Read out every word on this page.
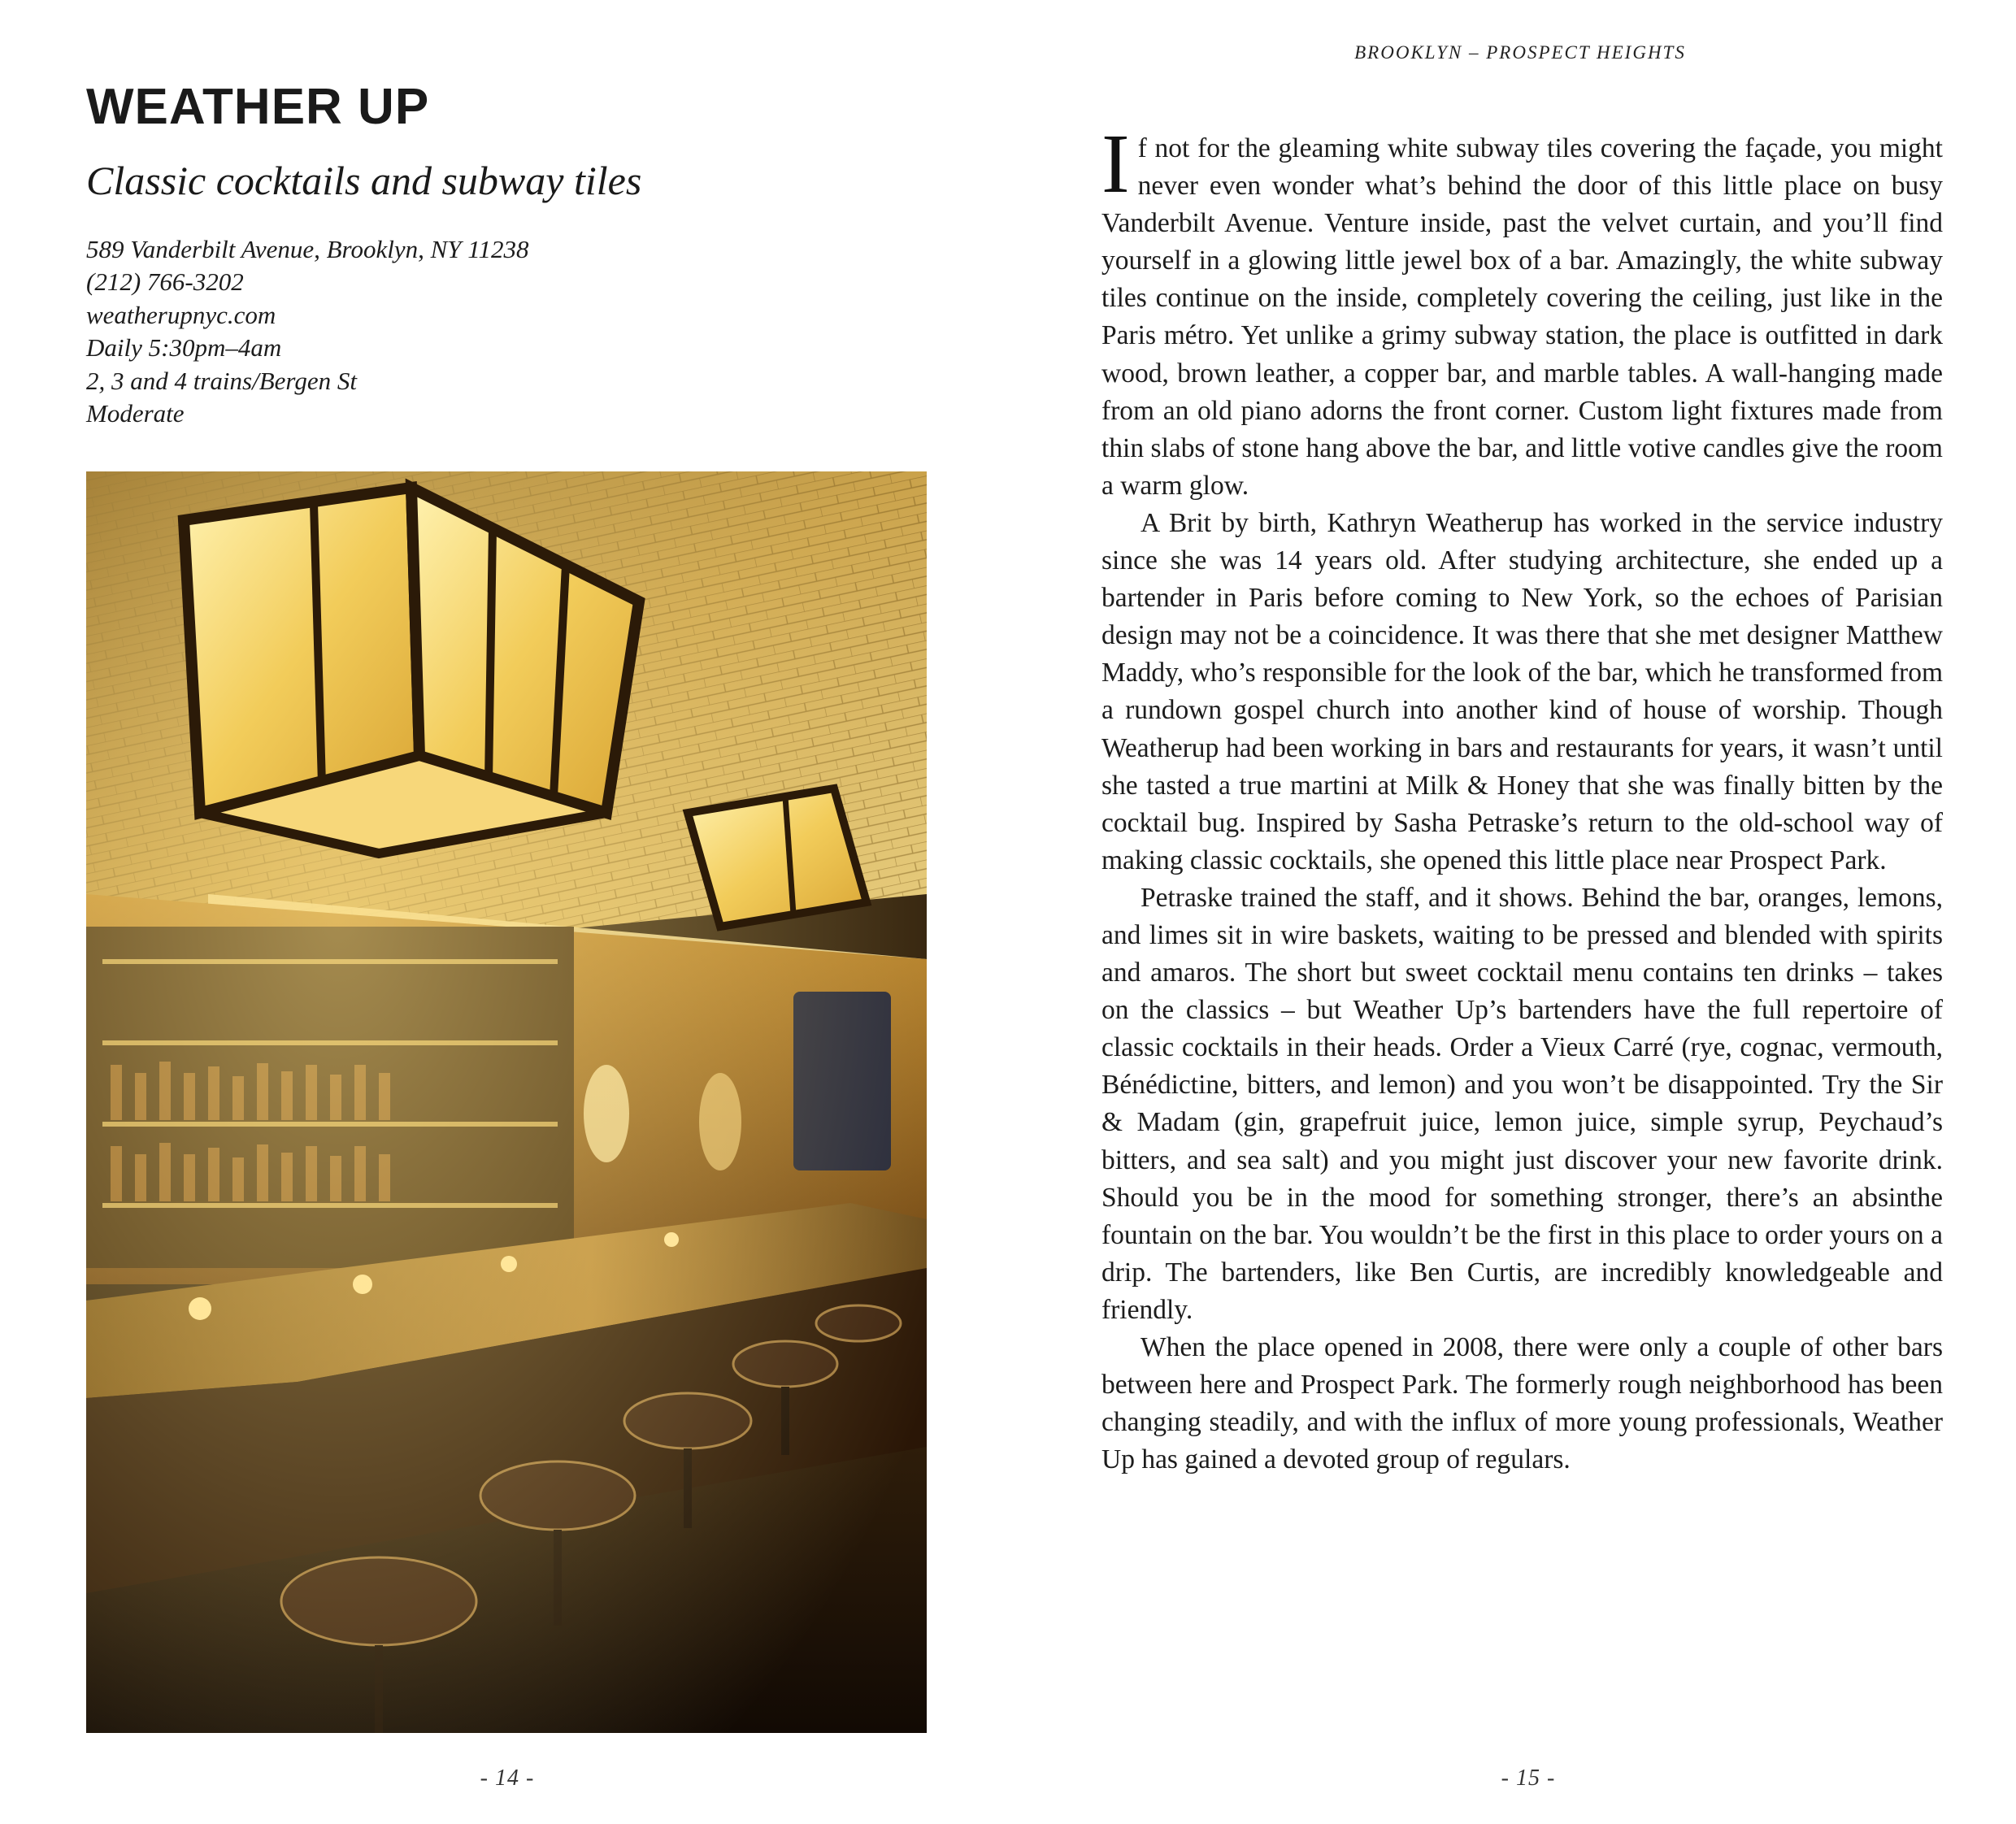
WEATHER UP
Classic cocktails and subway tiles
589 Vanderbilt Avenue, Brooklyn, NY 11238
(212) 766-3202
weatherupnyc.com
Daily 5:30pm–4am
2, 3 and 4 trains/Bergen St
Moderate
- 14 -
BROOKLYN – PROSPECT HEIGHTS

If not for the gleaming white subway tiles covering the façade, you might never even wonder what’s behind the door of this little place on busy Vanderbilt Avenue. Venture inside, past the velvet curtain, and you’ll find yourself in a glowing little jewel box of a bar. Amazingly, the white subway tiles continue on the inside, completely covering the ceiling, just like in the Paris métro. Yet unlike a grimy subway station, the place is outfitted in dark wood, brown leather, a copper bar, and marble tables. A wall-hanging made from an old piano adorns the front corner. Custom light fixtures made from thin slabs of stone hang above the bar, and little votive candles give the room a warm glow.

A Brit by birth, Kathryn Weatherup has worked in the service industry since she was 14 years old. After studying architecture, she ended up a bartender in Paris before coming to New York, so the echoes of Parisian design may not be a coincidence. It was there that she met designer Matthew Maddy, who’s responsible for the look of the bar, which he transformed from a rundown gospel church into another kind of house of worship. Though Weatherup had been working in bars and restaurants for years, it wasn’t until she tasted a true martini at Milk & Honey that she was finally bitten by the cocktail bug. Inspired by Sasha Petraske’s return to the old-school way of making classic cocktails, she opened this little place near Prospect Park.

Petraske trained the staff, and it shows. Behind the bar, oranges, lemons, and limes sit in wire baskets, waiting to be pressed and blended with spirits and amaros. The short but sweet cocktail menu contains ten drinks – takes on the classics – but Weather Up’s bartenders have the full repertoire of classic cocktails in their heads. Order a Vieux Carré (rye, cognac, vermouth, Bénédictine, bitters, and lemon) and you won’t be disappointed. Try the Sir & Madam (gin, grapefruit juice, lemon juice, simple syrup, Peychaud’s bitters, and sea salt) and you might just discover your new favorite drink. Should you be in the mood for something stronger, there’s an absinthe fountain on the bar. You wouldn’t be the first in this place to order yours on a drip. The bartenders, like Ben Curtis, are incredibly knowledgeable and friendly.

When the place opened in 2008, there were only a couple of other bars between here and Prospect Park. The formerly rough neighborhood has been changing steadily, and with the influx of more young professionals, Weather Up has gained a devoted group of regulars.

- 15 -
